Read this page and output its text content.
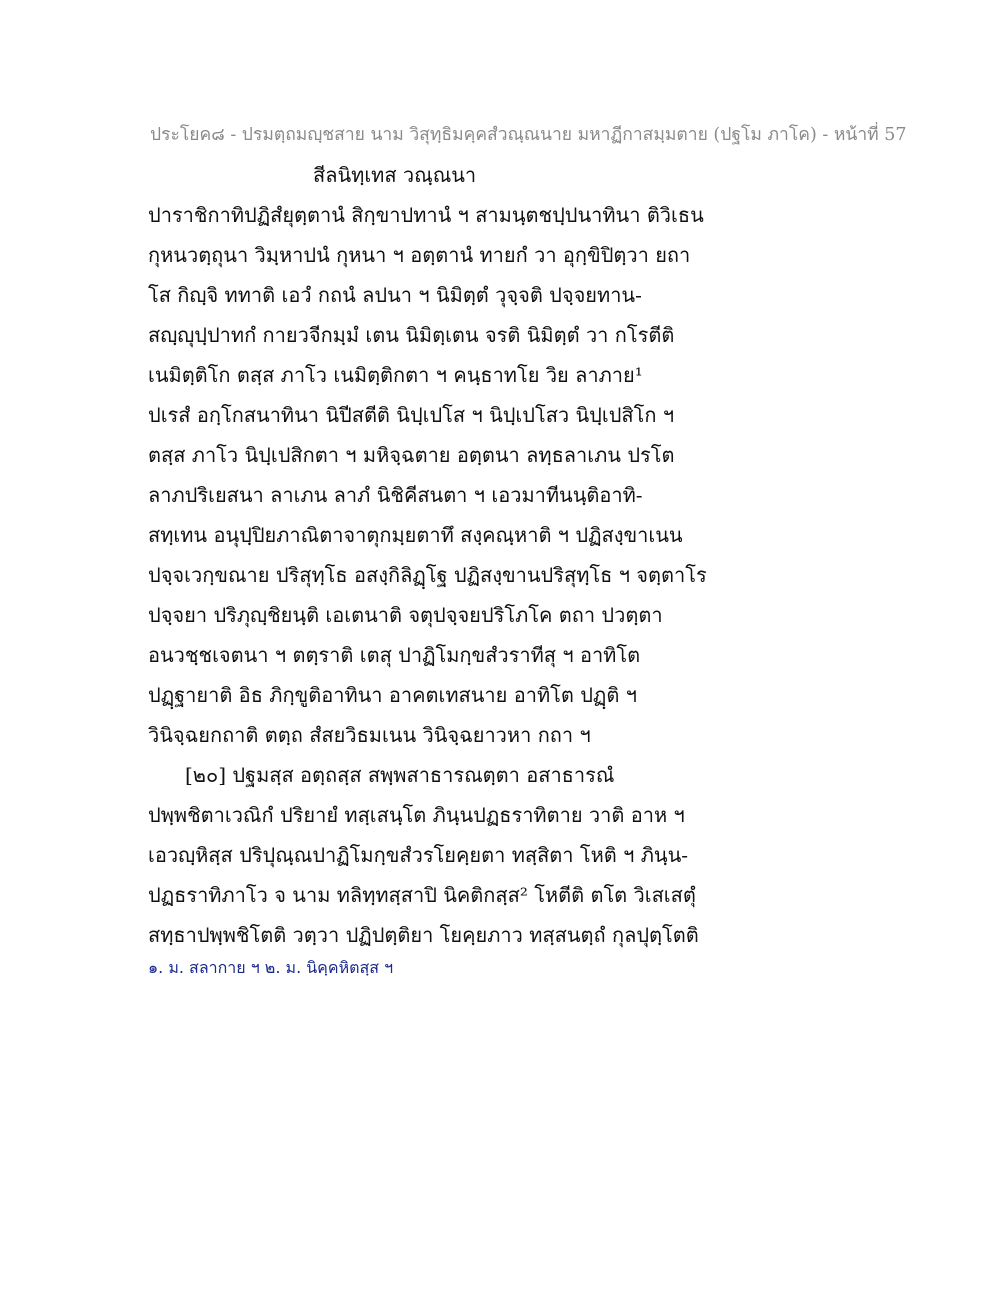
ประโยค๘ - ปรมตฺถมญฺชสาย นาม วิสุทฺธิมคฺคสํวณฺณนาย มหาฏีกาสมฺมตาย (ปฐโม ภาโค) - หน้าที่ 57
สีลนิทฺเทส วณฺณนา
ปาราชิกาทิปฏิสํยุตฺตานํ สิกฺขาปทานํ ฯ สามนฺตชปฺปนาทินา ติวิเธน
กุหนวตฺถุนา วิมฺหาปนํ กุหนา ฯ อตฺตานํ ทายกํ วา อุกฺขิปิตฺวา ยถา
โส กิญฺจิ ททาติ เอวํ กถนํ ลปนา ฯ นิมิตฺตํ วุจฺจติ ปจฺจยทาน-
สญฺญุปฺปาทกํ กายวจีกมฺมํ เตน นิมิตฺเตน จรติ นิมิตฺตํ วา กโรตีติ
เนมิตฺติโก ตสฺส ภาโว เนมิตฺติกตา ฯ คนฺธาทโย วิย ลาภาย¹
ปเรสํ อกฺโกสนาทินา นิปีสตีติ นิปฺเปโส ฯ นิปฺเปโสว นิปฺเปสิโก ฯ
ตสฺส ภาโว นิปฺเปสิกตา ฯ มหิจฺฉตาย อตฺตนา ลทฺธลาเภน ปรโต
ลาภปริเยสนา ลาเภน ลาภํ นิชิคีสนตา ฯ เอวมาทีนนฺติอาทิ-
สทฺเทน อนุปฺปิยภาณิตาจาตุกมฺยตาทึ สงฺคณฺหาติ ฯ ปฏิสงฺขาเนน
ปจฺจเวกฺขณาย ปริสุทฺโธ อสงฺกิลิฏฺโฐ ปฏิสงฺขานปริสุทฺโธ ฯ จตฺตาโร
ปจฺจยา ปริภุญฺชิยนฺติ เอเตนาติ จตุปจฺจยปริโภโค ตถา ปวตฺตา
อนวชฺชเจตนา ฯ ตตฺราติ เตสุ ปาฏิโมกฺขสํวราทีสุ ฯ อาทิโต
ปฏฺฐายาติ อิธ ภิกฺขูติอาทินา อาคตเทสนาย อาทิโต ปฏฺติ ฯ
วินิจฺฉยกถาติ ตตฺถ สํสยวิธมเนน วินิจฺฉยาวหา กถา ฯ
[๒๐] ปฐมสฺส อตฺถสฺส สพฺพสาธารณตฺตา อสาธารณํ
ปพฺพชิตาเวณิกํ ปริยายํ ทสฺเสนฺโต ภินฺนปฏธราทิตาย วาติ อาห ฯ
เอวญฺหิสฺส ปริปุณฺณปาฏิโมกฺขสํวรโยคฺยตา ทสฺสิตา โหติ ฯ ภินฺน-
ปฏธราทิภาโว จ นาม ทลิทฺทสฺสาปิ นิคติกสฺส² โหตีติ ตโต วิเสเสตุํ
สทฺธาปพฺพชิโตติ วตฺวา ปฏิปตฺติยา โยคฺยภาว ทสฺสนตฺถํ กุลปุตฺโตติ
๑. ม. สลากาย ฯ ๒. ม. นิคฺคหิตสฺส ฯ
